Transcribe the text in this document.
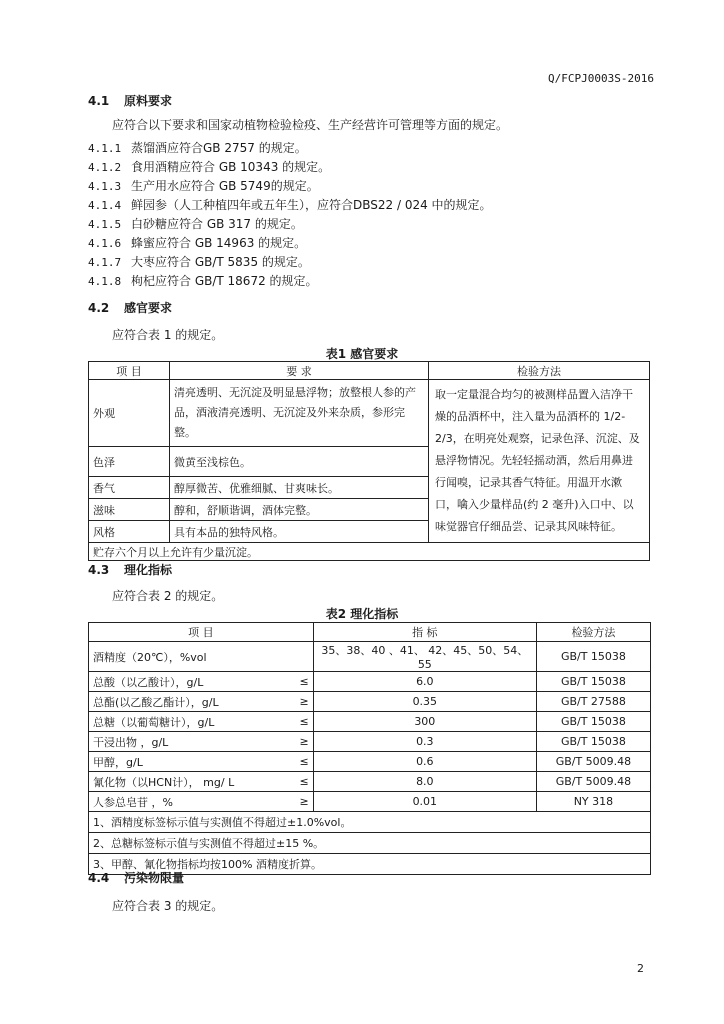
Q/FCPJ0003S-2016
4.1 原料要求
应符合以下要求和国家动植物检验检疫、生产经营许可管理等方面的规定。
4.1.1 蒸馏酒应符合GB 2757 的规定。
4.1.2 食用酒精应符合 GB 10343 的规定。
4.1.3 生产用水应符合 GB 5749的规定。
4.1.4 鲜园参（人工种植四年或五年生），应符合DBS22 / 024 中的规定。
4.1.5 白砂糖应符合 GB 317 的规定。
4.1.6 蜂蜜应符合 GB 14963 的规定。
4.1.7 大枣应符合 GB/T 5835 的规定。
4.1.8 枸杞应符合 GB/T 18672 的规定。
4.2 感官要求
应符合表 1 的规定。
表1 感官要求
项 目	要 求	检验方法
外观	清亮透明、无沉淀及明显悬浮物；放整根人参的产品，酒液清亮透明、无沉淀及外来杂质，参形完整。	取一定量混合均匀的被测样品置入洁净干燥的品酒杯中，注入量为品酒杯的 1/2-2/3，在明亮处观察，记录色泽、沉淀、及悬浮物情况。先轻轻摇动酒，然后用鼻进行闻嗅，记录其香气特征。用温开水漱口，噙入少量样品(约 2 毫升)入口中、以味觉器官仔细品尝、记录其风味特征。
色泽	微黄至浅棕色。	
香气	醇厚微苦、优雅细腻、甘爽味长。	
滋味	醇和，舒顺谐调，酒体完整。	
风格	具有本品的独特风格。	
贮存六个月以上允许有少量沉淀。		
4.3 理化指标
应符合表 2 的规定。
表2 理化指标
项 目		指 标	检验方法
酒精度（20℃），%vol		35、38、40 、41、 42、45、50、54、55	GB/T 15038
总酸（以乙酸计），g/L	≤	6.0	GB/T 15038
总酯(以乙酸乙酯计），g/L	≥	0.35	GB/T 27588
总糖（以葡萄糖计），g/L	≤	300	GB/T 15038
干浸出物 ，g/L	≥	0.3	GB/T 15038
甲醇，g/L	≤	0.6	GB/T 5009.48
氰化物（以HCN计）， mg/ L	≤	8.0	GB/T 5009.48
人参总皂苷 ，%	≥	0.01	NY 318
1、酒精度标签标示值与实测值不得超过±1.0%vol。			
2、总糖标签标示值与实测值不得超过±15 %。			
3、甲醇、氰化物指标均按100% 酒精度折算。			
4.4 污染物限量
应符合表 3 的规定。
2
